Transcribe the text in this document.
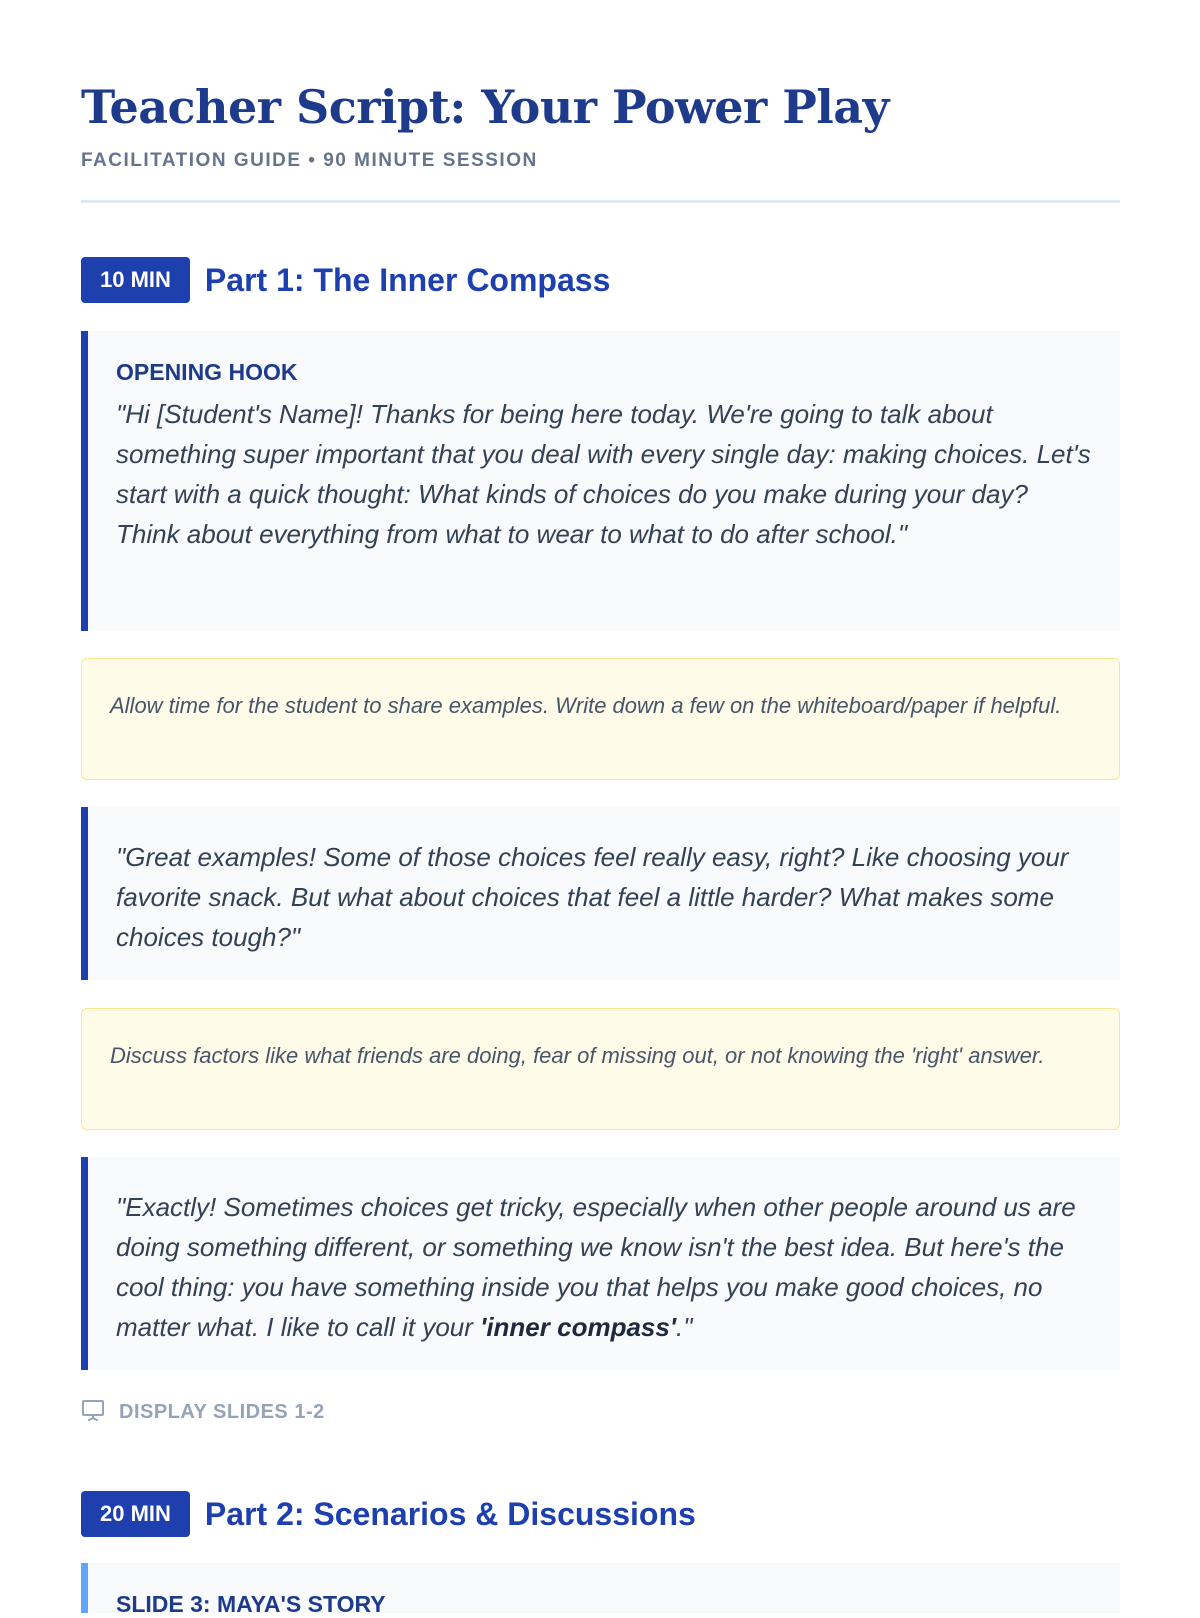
Teacher Script: Your Power Play
FACILITATION GUIDE • 90 MINUTE SESSION
10 MIN	Part 1: The Inner Compass
OPENING HOOK
"Hi [Student's Name]! Thanks for being here today. We're going to talk about something super important that you deal with every single day: making choices. Let's start with a quick thought: What kinds of choices do you make during your day? Think about everything from what to wear to what to do after school."
Allow time for the student to share examples. Write down a few on the whiteboard/paper if helpful.
"Great examples! Some of those choices feel really easy, right? Like choosing your favorite snack. But what about choices that feel a little harder? What makes some choices tough?"
Discuss factors like what friends are doing, fear of missing out, or not knowing the 'right' answer.
"Exactly! Sometimes choices get tricky, especially when other people around us are doing something different, or something we know isn't the best idea. But here's the cool thing: you have something inside you that helps you make good choices, no matter what. I like to call it your 'inner compass'."
DISPLAY SLIDES 1-2
20 MIN	Part 2: Scenarios & Discussions
SLIDE 3: MAYA'S STORY
